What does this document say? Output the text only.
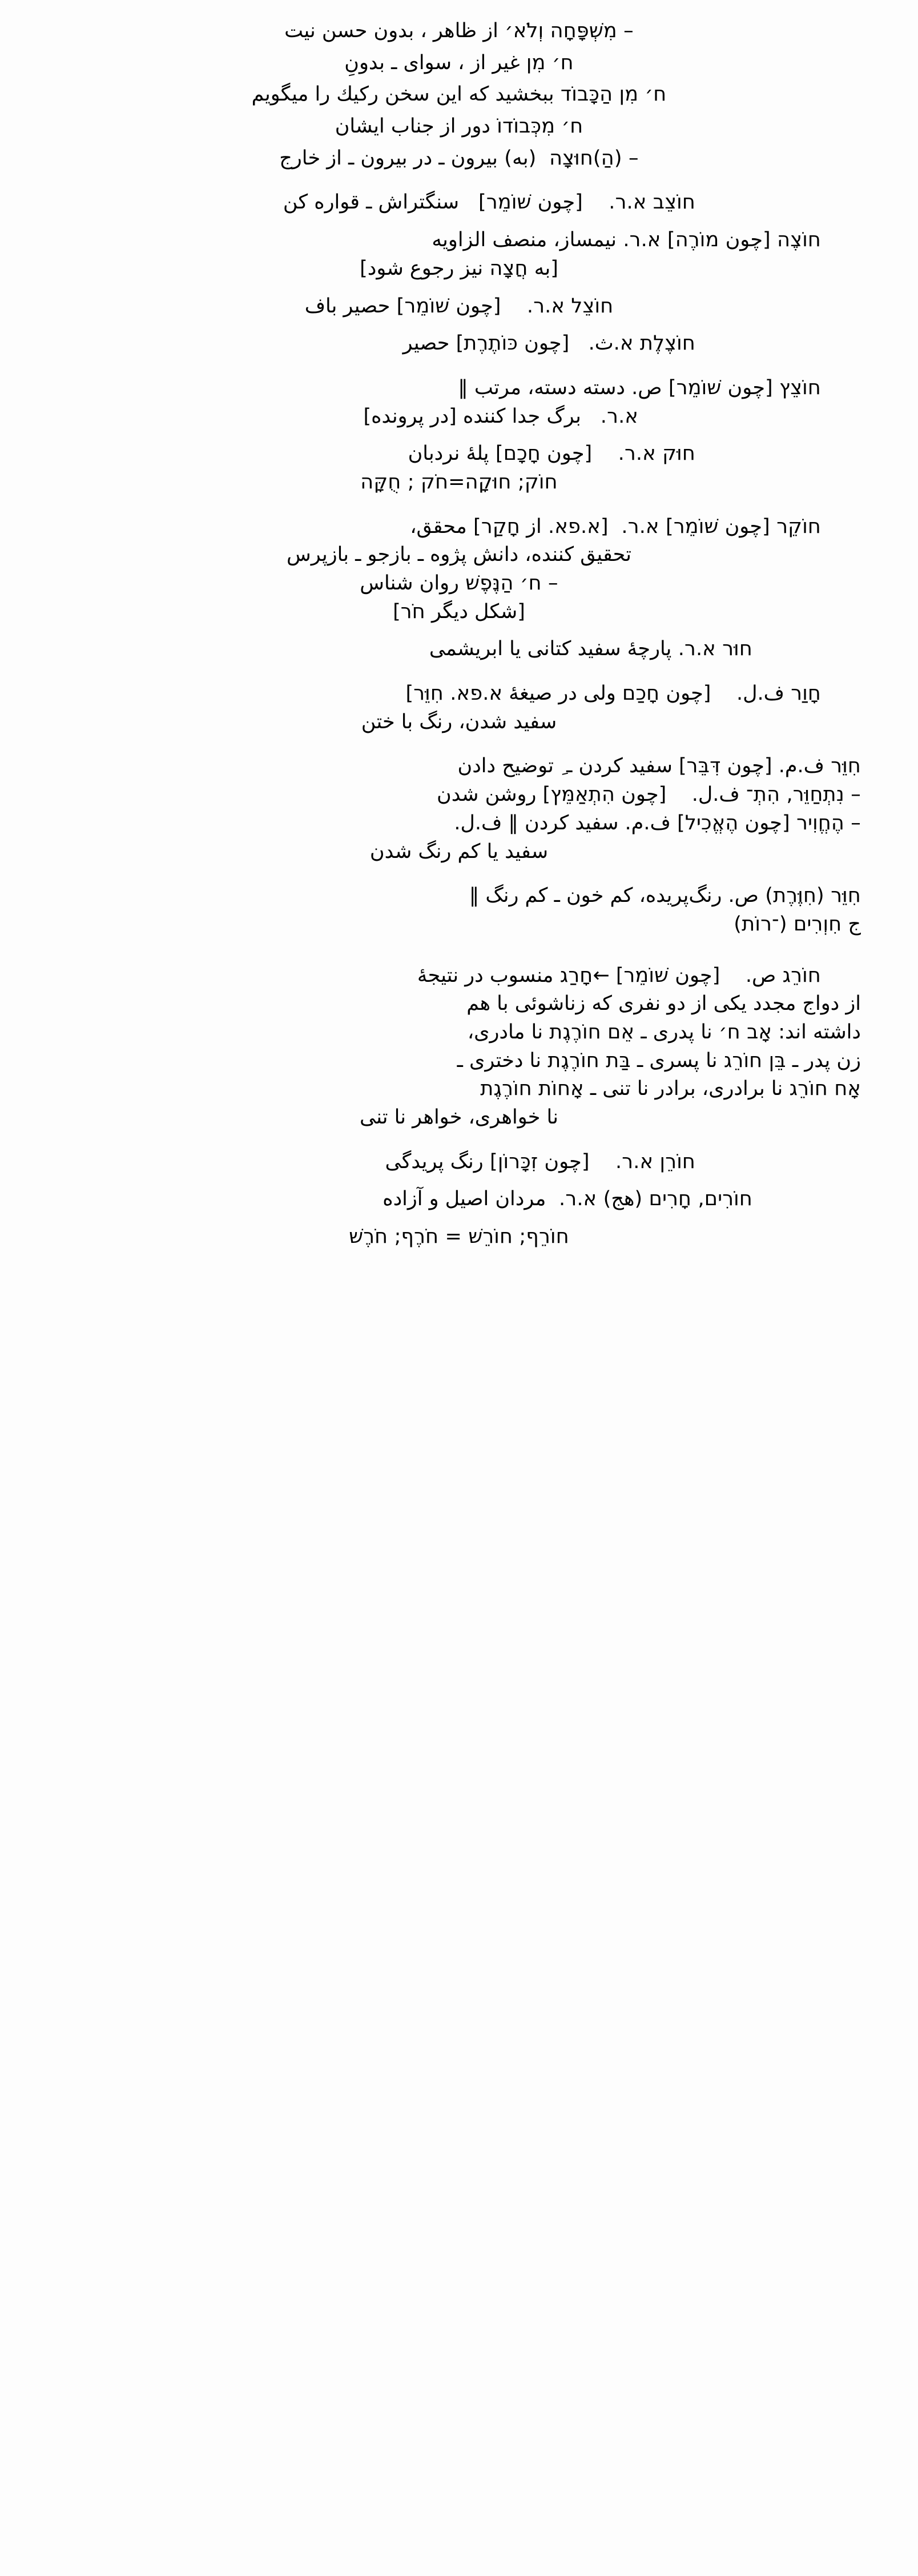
– מִשְׁפָּחָה וְלֹא׳ از ظاهر ، بدون حسن نیت
ח׳ מִן غیر از ، سوای ـ بدونِ
ח׳ מִן הַכָּבוֹד ببخشید که این سخن رکیك را میگویم
ח׳ מִכְּבוֹדוֹ دور از جناب ایشان
– (הַ)חוּצָה  (به) بیرون ـ در بیرون ـ از خارج
חוֹצֵב א.ר.    [چون שׁוֹמֵר]   سنگتراش ـ قواره کن
חוֹצֶה [چون מוֹרֶה] א.ר. نیمساز، منصف الزاویه
[به חֲצָה نیز رجوع شود]
חוֹצֵל א.ר.    [چون שׁוֹמֵר] حصیر باف
חוֹצֶלֶת א.ث.   [چون כּוֹתֶרֶת] حصیر
חוֹצֵץ [چون שׁוֹמֵר] ص. دسته دسته، مرتب ‖
א.ר.   برگ جدا کننده [در پرونده]
חוּק א.ר.    [چون חָכָם] پلهٔ نردبان
חוֹק; חוּקָה=חֹק ; חֻקָּה
חוֹקֵר [چون שׁוֹמֵר] א.ר.  [א.פא. از חָקַר] محقق،
تحقیق کننده، دانش پژوه ـ بازجو ـ بازپرس
– ח׳ הַנֶּפֶשׁ روان شناس
[شکل دیگر חֹר]
חוּר א.ר. پارچهٔ سفید کتانی یا ابریشمی
חָוַר ف.ل.    [چون חָכַם ولی در صیغهٔ א.פא. חִוֵּר]
سفید شدن، رنگ با ختن
חִוֵּר ف.م. [چون דִּבֵּר] سفید کردن ـ ِ توضیح دادن
– נִתְחַוֵּר, הִתְ־ ف.ل.    [چون הִתְאַמֵּץ] روشن شدن
– הֶחֱוִיר [چون הֶאֱכִיל] ف.م. سفید کردن ‖ ف.ل.
سفید یا کم رنگ شدن
חִוֵּר (חִוֶּרֶת) ص. رنگ‌پریده، کم خون ـ کم رنگ ‖
ج חִוְרִים (־רוֹת)
חוֹרֵג ص.    [چون שׁוֹמֵר] ←חָרַג منسوب در نتیجهٔ
از دواج مجدد یکی از دو نفری که زناشوئی با هم
داشته اند: אָב ח׳ نا پدری ـ אֵם חוֹרֶגֶת نا مادری،
زن پدر ـ בֵּן חוֹרֵג نا پسری ـ בַּת חוֹרֶגֶת نا دختری ـ
אָח חוֹרֵג نا برادری، برادر نا تنی ـ אָחוֹת חוֹרֶגֶת
نا خواهری، خواهر نا تنی
חוֹרֵן א.ר.    [چون זִכָּרוֹן] رنگ پریدگی
חוֹרִים, חָרִים (هج) א.ר.  مردان اصیل و آزاده
חוֹרֵף; חוֹרֵשׁ = חֹרֶף; חֹרֶשׁ
